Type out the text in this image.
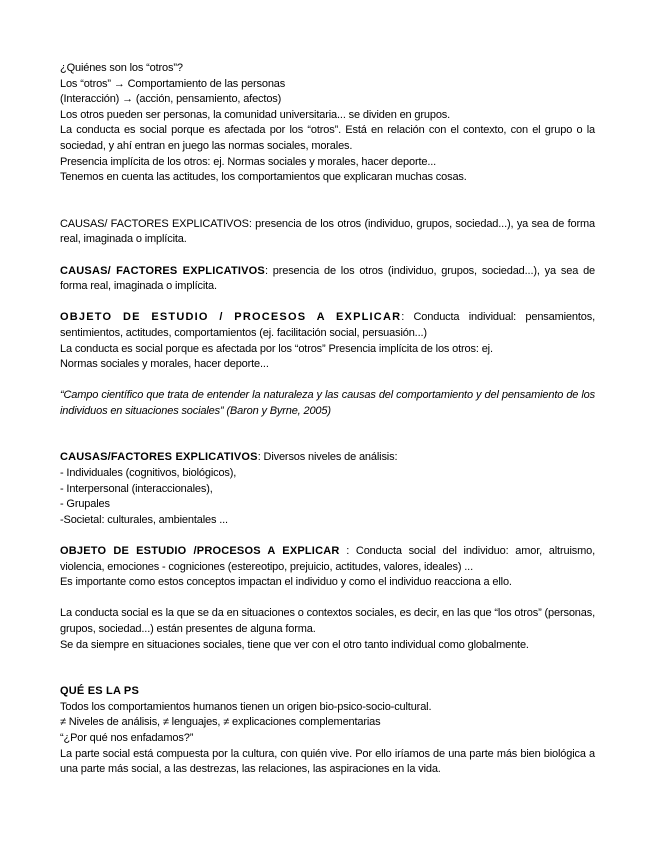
¿Quiénes son los “otros”?

Los “otros” → Comportamiento de las personas

(Interacción) → (acción, pensamiento, afectos)

Los otros pueden ser personas, la comunidad universitaria... se dividen en grupos.

La conducta es social porque es afectada por los “otros”. Está en relación con el contexto, con el grupo o la sociedad, y ahí entran en juego las normas sociales, morales.

Presencia implícita de los otros: ej. Normas sociales y morales, hacer deporte...

Tenemos en cuenta las actitudes, los comportamientos que explicaran muchas cosas.

CAUSAS/ FACTORES EXPLICATIVOS: presencia de los otros (individuo, grupos, sociedad...), ya sea de forma real, imaginada o implícita.

CAUSAS/ FACTORES EXPLICATIVOS: presencia de los otros (individuo, grupos, sociedad...), ya sea de forma real, imaginada o implícita.

OBJETO DE ESTUDIO / PROCESOS A EXPLICAR: Conducta individual: pensamientos, sentimientos, actitudes, comportamientos (ej. facilitación social, persuasión...)

La conducta es social porque es afectada por los “otros” Presencia implícita de los otros: ej.

Normas sociales y morales, hacer deporte...

“Campo científico que trata de entender la naturaleza y las causas del comportamiento y del pensamiento de los individuos en situaciones sociales” (Baron y Byrne, 2005)

CAUSAS/FACTORES EXPLICATIVOS: Diversos niveles de análisis:

- Individuales (cognitivos, biológicos),

- Interpersonal (interaccionales),

- Grupales

-Societal: culturales, ambientales ...

OBJETO DE ESTUDIO /PROCESOS A EXPLICAR : Conducta social del individuo: amor, altruismo, violencia, emociones - cogniciones (estereotipo, prejuicio, actitudes, valores, ideales) ...

Es importante como estos conceptos impactan el individuo y como el individuo reacciona a ello.

La conducta social es la que se da en situaciones o contextos sociales, es decir, en las que “los otros” (personas, grupos, sociedad...) están presentes de alguna forma.

Se da siempre en situaciones sociales, tiene que ver con el otro tanto individual como globalmente.

QUÉ ES LA PS

Todos los comportamientos humanos tienen un origen bio-psico-socio-cultural.

≠ Niveles de análisis, ≠ lenguajes, ≠ explicaciones complementarias

“¿Por qué nos enfadamos?”

La parte social está compuesta por la cultura, con quién vive. Por ello iríamos de una parte más bien biológica a una parte más social, a las destrezas, las relaciones, las aspiraciones en la vida.
